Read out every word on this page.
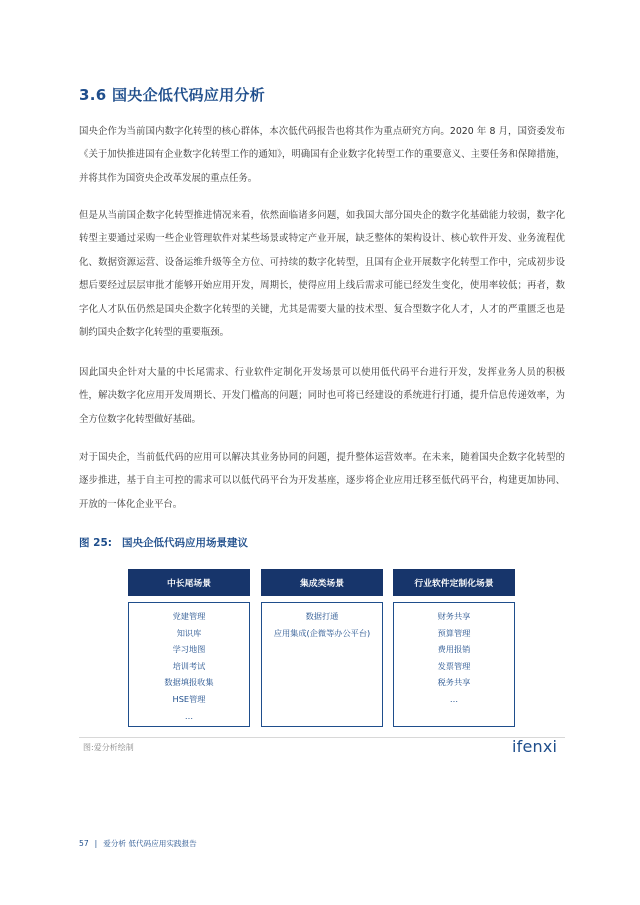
3.6 国央企低代码应用分析

国央企作为当前国内数字化转型的核心群体，本次低代码报告也将其作为重点研究方向。2020 年 8 月，国资委发布《关于加快推进国有企业数字化转型工作的通知》，明确国有企业数字化转型工作的重要意义、主要任务和保障措施，并将其作为国资央企改革发展的重点任务。

但是从当前国企数字化转型推进情况来看，依然面临诸多问题，如我国大部分国央企的数字化基础能力较弱，数字化转型主要通过采购一些企业管理软件对某些场景或特定产业开展，缺乏整体的架构设计、核心软件开发、业务流程优化、数据资源运营、设备运维升级等全方位、可持续的数字化转型，且国有企业开展数字化转型工作中，完成初步设想后要经过层层审批才能够开始应用开发，周期长，使得应用上线后需求可能已经发生变化，使用率较低；再者，数字化人才队伍仍然是国央企数字化转型的关键，尤其是需要大量的技术型、复合型数字化人才，人才的严重匮乏也是制约国央企数字化转型的重要瓶颈。

因此国央企针对大量的中长尾需求、行业软件定制化开发场景可以使用低代码平台进行开发，发挥业务人员的积极性，解决数字化应用开发周期长、开发门槛高的问题；同时也可将已经建设的系统进行打通，提升信息传递效率，为全方位数字化转型做好基础。

对于国央企，当前低代码的应用可以解决其业务协同的问题，提升整体运营效率。在未来，随着国央企数字化转型的逐步推进，基于自主可控的需求可以以低代码平台为开发基座，逐步将企业应用迁移至低代码平台，构建更加协同、开放的一体化企业平台。

图 25: 国央企低代码应用场景建议
中长尾场景
党建管理
知识库
学习地图
培训考试
数据填报收集
HSE管理
…
集成类场景
数据打通
应用集成(企微等办公平台)
行业软件定制化场景
财务共享
预算管理
费用报销
发票管理
税务共享
…
图:爱分析绘制	ifenxi
57 | 爱分析 低代码应用实践报告
